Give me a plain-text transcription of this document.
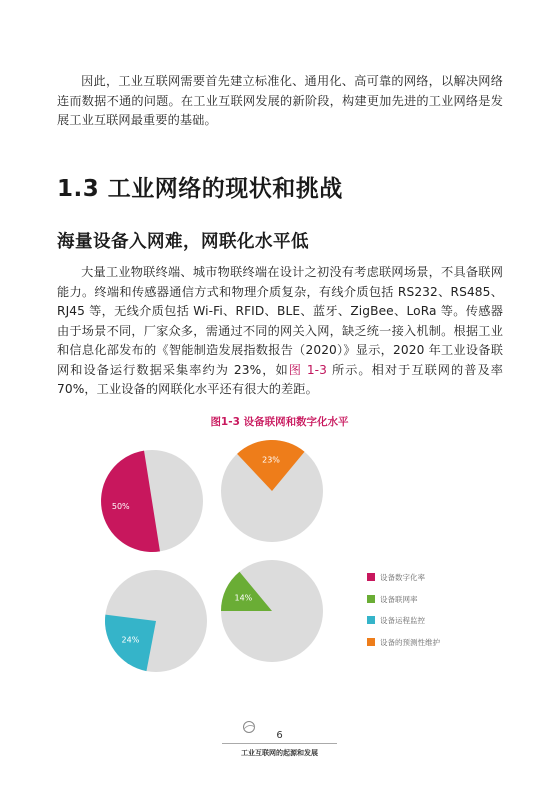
因此，工业互联网需要首先建立标准化、通用化、高可靠的网络，以解决网络连而数据不通的问题。在工业互联网发展的新阶段，构建更加先进的工业网络是发展工业互联网最重要的基础。

1.3 工业网络的现状和挑战
海量设备入网难，网联化水平低

大量工业物联终端、城市物联终端在设计之初没有考虑联网场景，不具备联网能力。终端和传感器通信方式和物理介质复杂，有线介质包括 RS232、RS485、RJ45 等，无线介质包括 Wi-Fi、RFID、BLE、蓝牙、ZigBee、LoRa 等。传感器由于场景不同，厂家众多，需通过不同的网关入网，缺乏统一接入机制。根据工业和信息化部发布的《智能制造发展指数报告（2020）》显示，2020 年工业设备联网和设备运行数据采集率约为 23%，如图 1-3 所示。相对于互联网的普及率 70%，工业设备的网联化水平还有很大的差距。

图1-3 设备联网和数字化水平
50%
23%
24%
14%
设备数字化率
设备联网率
设备运程监控
设备的预测性维护
6
工业互联网的起源和发展
